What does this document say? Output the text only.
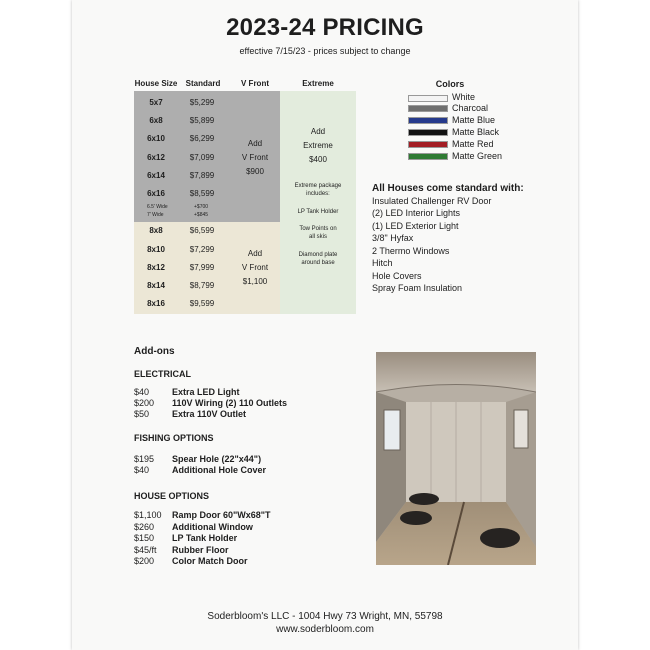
2023-24 PRICING
effective 7/15/23 - prices subject to change
House Size	Standard	V Front	Extreme
5x7	$5,299
6x8	$5,899
6x10	$6,299
6x12	$7,099
6x14	$7,899
6x16	$8,599
6.5' Wide	+$700
7' Wide	+$845
8x8	$6,599
8x10	$7,299
8x12	$7,999
8x14	$8,799
8x16	$9,599
Add
V Front
$900
Add
V Front
$1,100
Add
Extreme
$400
Extreme package
includes:
LP Tank Holder
Tow Points on
all skis
Diamond plate
around base
Colors
White
Charcoal
Matte Blue
Matte Black
Matte Red
Matte Green
All Houses come standard with:
Insulated Challenger RV Door
(2) LED Interior Lights
(1) LED Exterior Light
3/8" Hyfax
2 Thermo Windows
Hitch
Hole Covers
Spray Foam Insulation
Add-ons
ELECTRICAL
$40	Extra LED Light
$200 110V Wiring (2) 110 Outlets
$50	Extra 110V Outlet
FISHING OPTIONS
$195 Spear Hole (22"x44")
$40	Additional Hole Cover
HOUSE OPTIONS
$1,100 Ramp Door 60"Wx68"T
$260 Additional Window
$150 LP Tank Holder
$45/ft Rubber Floor
$200 Color Match Door
Soderbloom's LLC - 1004 Hwy 73 Wright, MN, 55798
www.soderbloom.com
